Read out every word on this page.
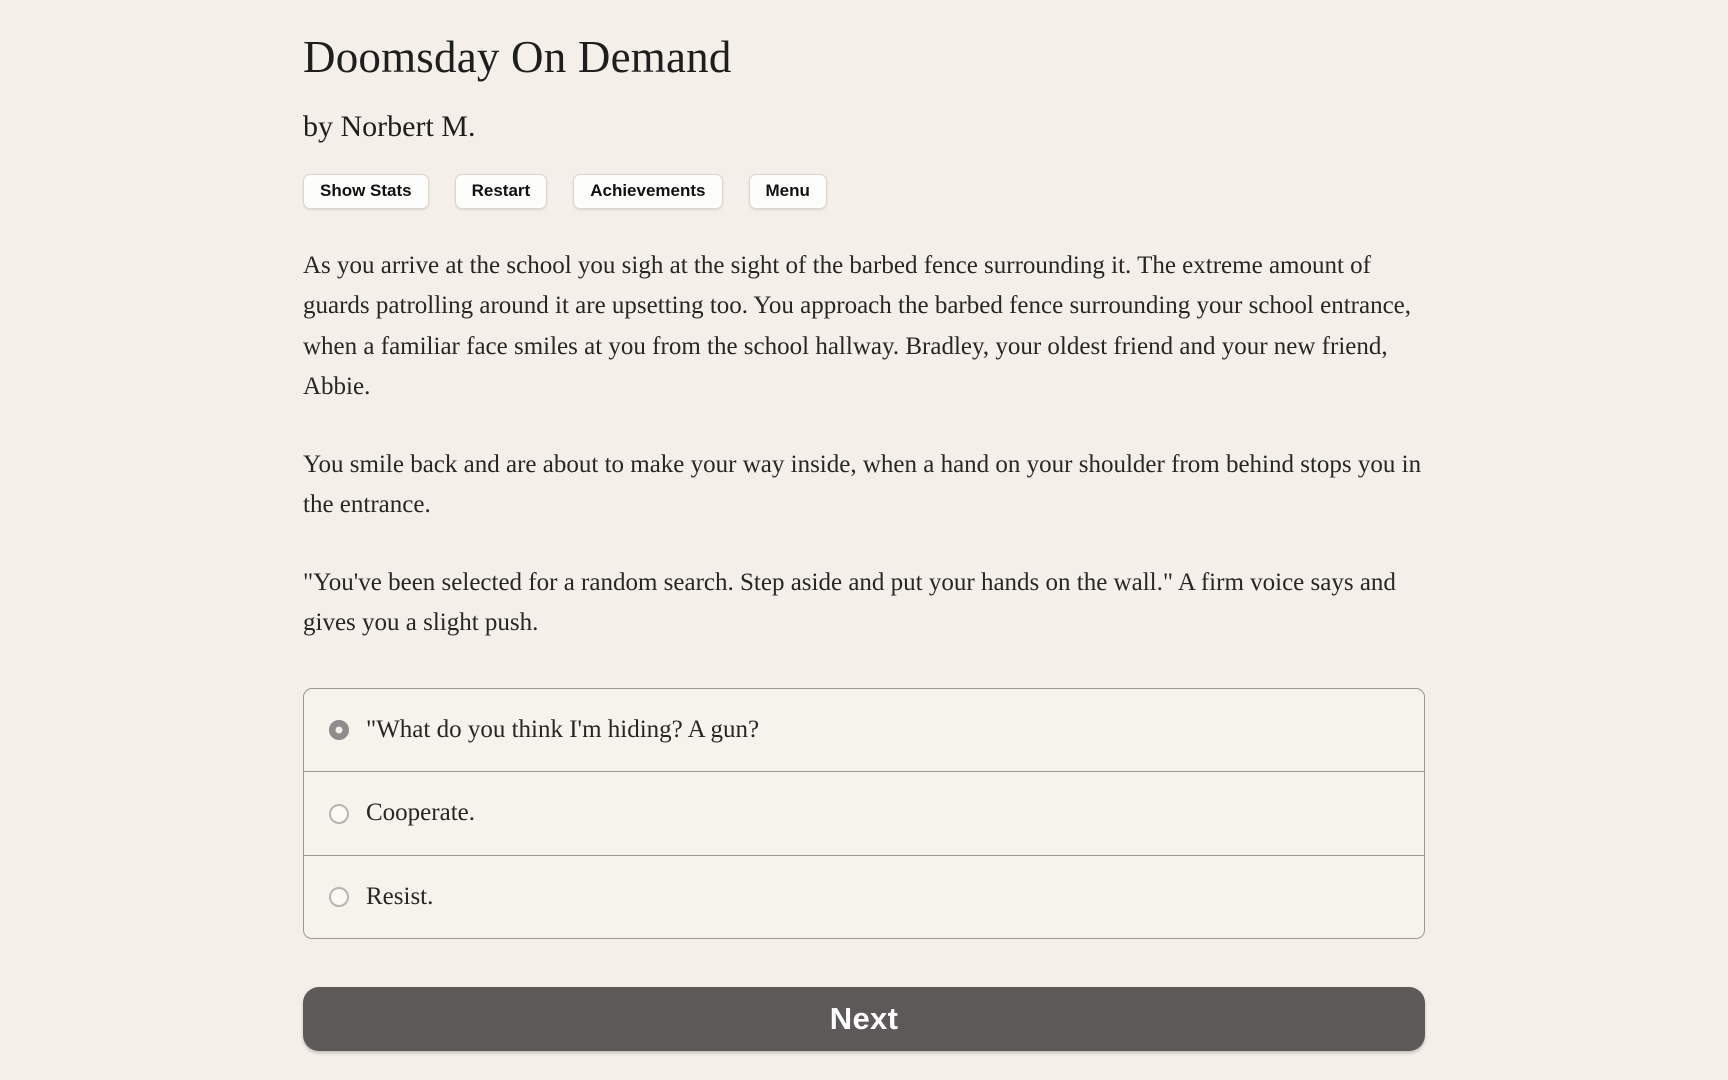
Doomsday On Demand
by Norbert M.
Show Stats	Restart	Achievements	Menu

As you arrive at the school you sigh at the sight of the barbed fence surrounding it. The extreme amount of guards patrolling around it are upsetting too. You approach the barbed fence surrounding your school entrance, when a familiar face smiles at you from the school hallway. Bradley, your oldest friend and your new friend, Abbie.

You smile back and are about to make your way inside, when a hand on your shoulder from behind stops you in the entrance.

"You've been selected for a random search. Step aside and put your hands on the wall." A firm voice says and gives you a slight push.

"What do you think I'm hiding? A gun?
Cooperate.
Resist.
Next
